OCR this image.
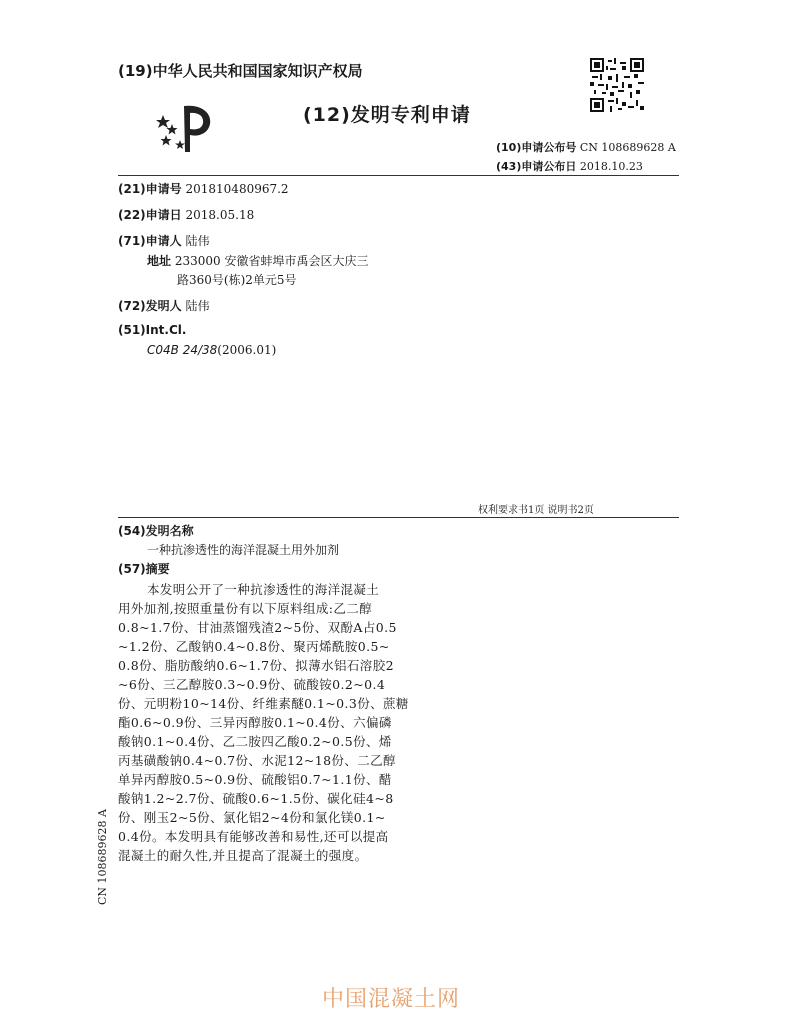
(19)中华人民共和国国家知识产权局
(12)发明专利申请
(10)申请公布号 CN 108689628 A
(43)申请公布日 2018.10.23
(21)申请号 201810480967.2
(22)申请日 2018.05.18
(71)申请人 陆伟
地址 233000 安徽省蚌埠市禹会区大庆三
路360号(栋)2单元5号
(72)发明人 陆伟
(51)Int.Cl.
C04B 24/38(2006.01)
权利要求书1页 说明书2页
(54)发明名称
一种抗渗透性的海洋混凝土用外加剂
(57)摘要
本发明公开了一种抗渗透性的海洋混凝土
用外加剂,按照重量份有以下原料组成:乙二醇
0.8~1.7份、甘油蒸馏残渣2~5份、双酚A占0.5
~1.2份、乙酸钠0.4~0.8份、聚丙烯酰胺0.5~
0.8份、脂肪酸纳0.6~1.7份、拟薄水铝石溶胶2
~6份、三乙醇胺0.3~0.9份、硫酸铵0.2~0.4
份、元明粉10~14份、纤维素醚0.1~0.3份、蔗糖
酯0.6~0.9份、三异丙醇胺0.1~0.4份、六偏磷
酸钠0.1~0.4份、乙二胺四乙酸0.2~0.5份、烯
丙基磺酸钠0.4~0.7份、水泥12~18份、二乙醇
单异丙醇胺0.5~0.9份、硫酸铝0.7~1.1份、醋
酸钠1.2~2.7份、硫酸0.6~1.5份、碳化硅4~8
份、刚玉2~5份、氯化铝2~4份和氯化镁0.1~
0.4份。本发明具有能够改善和易性,还可以提高
混凝土的耐久性,并且提高了混凝土的强度。
CN 108689628 A
中国混凝土网
